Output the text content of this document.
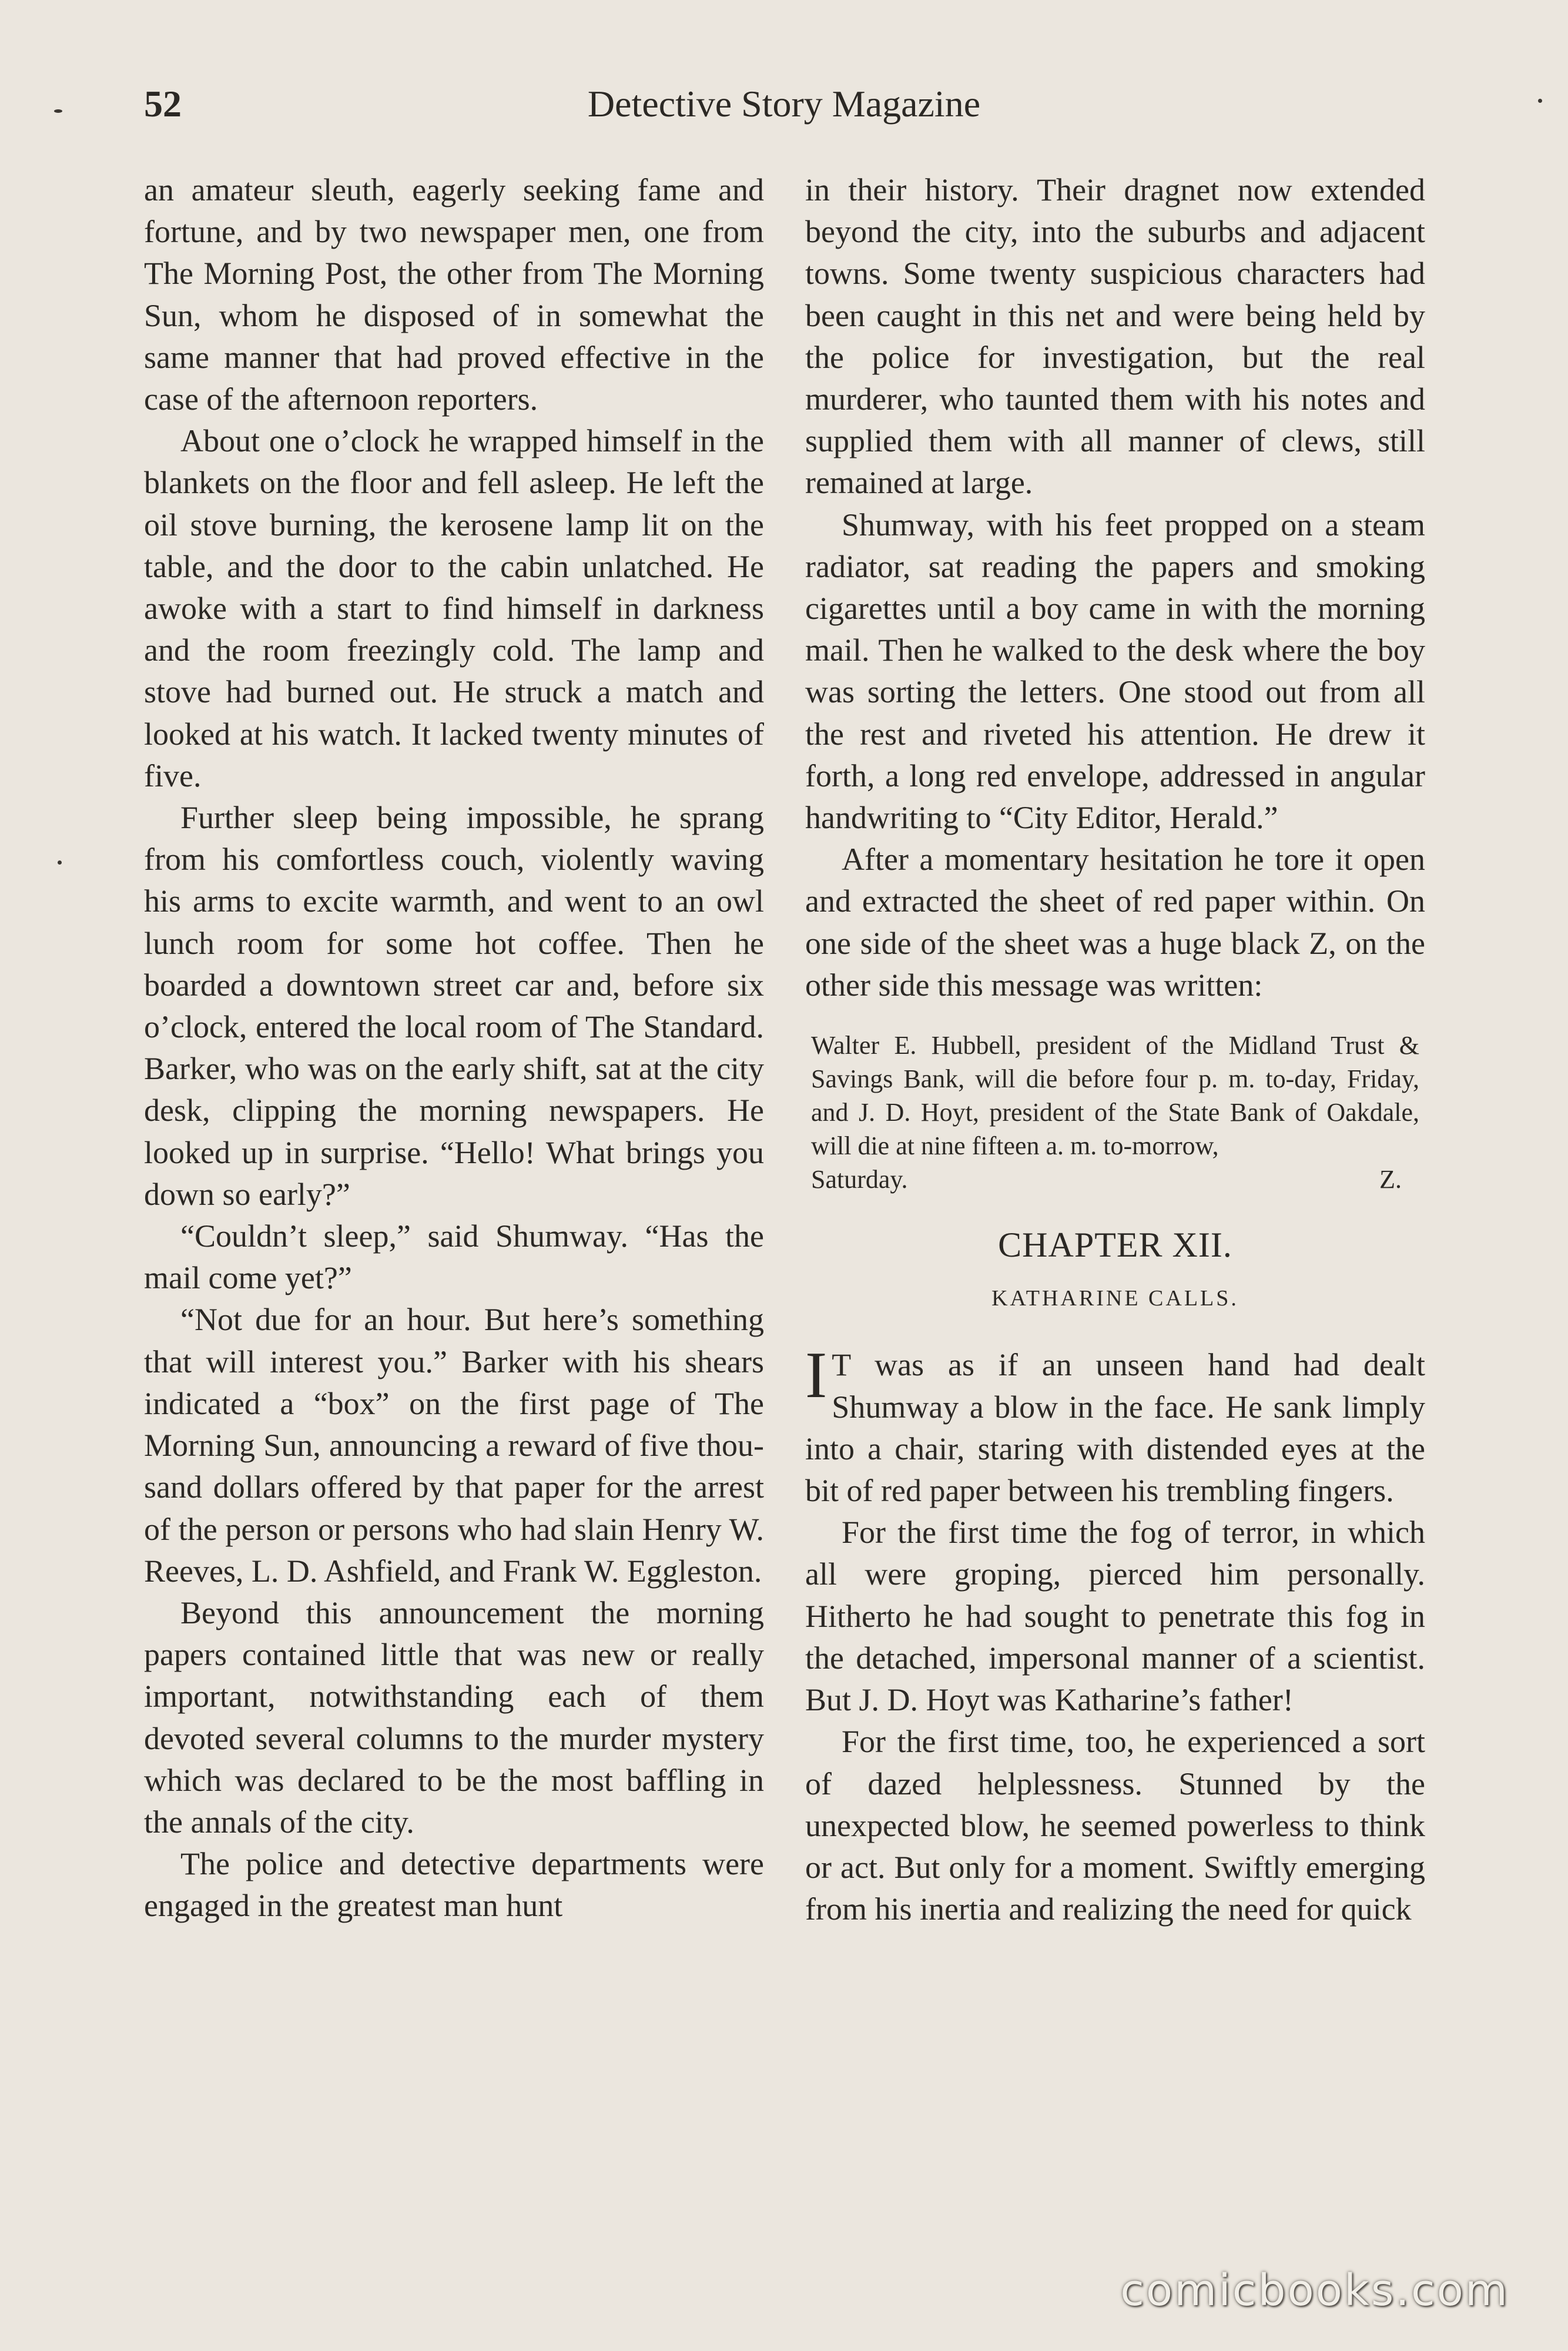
52	Detective Story Magazine

an amateur sleuth, eagerly seeking fame and fortune, and by two newspaper men, one from The Morning Post, the other from The Morning Sun, whom he disposed of in somewhat the same manner that had proved effective in the case of the afternoon reporters.

About one o’clock he wrapped himself in the blankets on the floor and fell asleep. He left the oil stove burning, the kerosene lamp lit on the table, and the door to the cabin unlatched. He awoke with a start to find himself in darkness and the room freezingly cold. The lamp and stove had burned out. He struck a match and looked at his watch. It lacked twenty minutes of five.

Further sleep being impossible, he sprang from his comfortless couch, violently waving his arms to excite warmth, and went to an owl lunch room for some hot coffee. Then he boarded a downtown street car and, before six o’clock, entered the local room of The Standard. Barker, who was on the early shift, sat at the city desk, clipping the morning newspapers. He looked up in surprise. “Hello! What brings you down so early?”

“Couldn’t sleep,” said Shumway. “Has the mail come yet?”

“Not due for an hour. But here’s something that will interest you.” Barker with his shears indicated a “box” on the first page of The Morning Sun, announcing a reward of five thousand dollars offered by that paper for the arrest of the person or persons who had slain Henry W. Reeves, L. D. Ashfield, and Frank W. Eggleston.

Beyond this announcement the morning papers contained little that was new or really important, notwithstanding each of them devoted several columns to the murder mystery which was declared to be the most baffling in the annals of the city.

The police and detective departments were engaged in the greatest man hunt

in their history. Their dragnet now extended beyond the city, into the suburbs and adjacent towns. Some twenty suspicious characters had been caught in this net and were being held by the police for investigation, but the real murderer, who taunted them with his notes and supplied them with all manner of clews, still remained at large.

Shumway, with his feet propped on a steam radiator, sat reading the papers and smoking cigarettes until a boy came in with the morning mail. Then he walked to the desk where the boy was sorting the letters. One stood out from all the rest and riveted his attention. He drew it forth, a long red envelope, addressed in angular handwriting to “City Editor, Herald.”

After a momentary hesitation he tore it open and extracted the sheet of red paper within. On one side of the sheet was a huge black Z, on the other side this message was written:

Walter E. Hubbell, president of the Midland Trust & Savings Bank, will die before four p. m. to-day, Friday, and J. D. Hoyt, president of the State Bank of Oakdale, will die at nine fifteen a. m. to-morrow,
Saturday.	Z.
CHAPTER XII.
KATHARINE CALLS.

I T was as if an unseen hand had dealt Shumway a blow in the face. He sank limply into a chair, staring with distended eyes at the bit of red paper between his trembling fingers.

For the first time the fog of terror, in which all were groping, pierced him personally. Hitherto he had sought to penetrate this fog in the detached, impersonal manner of a scientist. But J. D. Hoyt was Katharine’s father!

For the first time, too, he experienced a sort of dazed helplessness. Stunned by the unexpected blow, he seemed powerless to think or act. But only for a moment. Swiftly emerging from his inertia and realizing the need for quick

comicbooks.com
